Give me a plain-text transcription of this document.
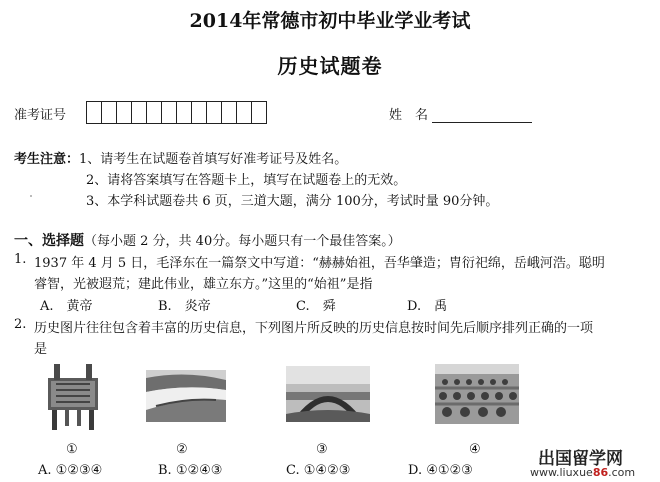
2014年常德市初中毕业学业考试
历史试题卷
准考证号	姓　名
考生注意：1、请考生在试题卷首填写好准考证号及姓名。
2、请将答案填写在答题卡上，填写在试题卷上的无效。
3、本学科试题卷共 6 页，三道大题，满分 100分，考试时量 90分钟。
一、选择题（每小题 2 分，共 40分。每小题只有一个最佳答案。）
1. 1937 年 4 月 5 日，毛泽东在一篇祭文中写道：“赫赫始祖，吾华肇造；胄衍祀绵，岳峨河浩。聪明
睿智，光被遐荒；建此伟业，雄立东方。”这里的“始祖”是指
A.　黄帝	B.　炎帝	C.　舜	D.　禹
2. 历史图片往往包含着丰富的历史信息，下列图片所反映的历史信息按时间先后顺序排列正确的一项
是
①	②	③	④
A. ①②③④	B. ①②④③	C. ①④②③	D. ④①②③
出国留学网
www.liuxue86.com
